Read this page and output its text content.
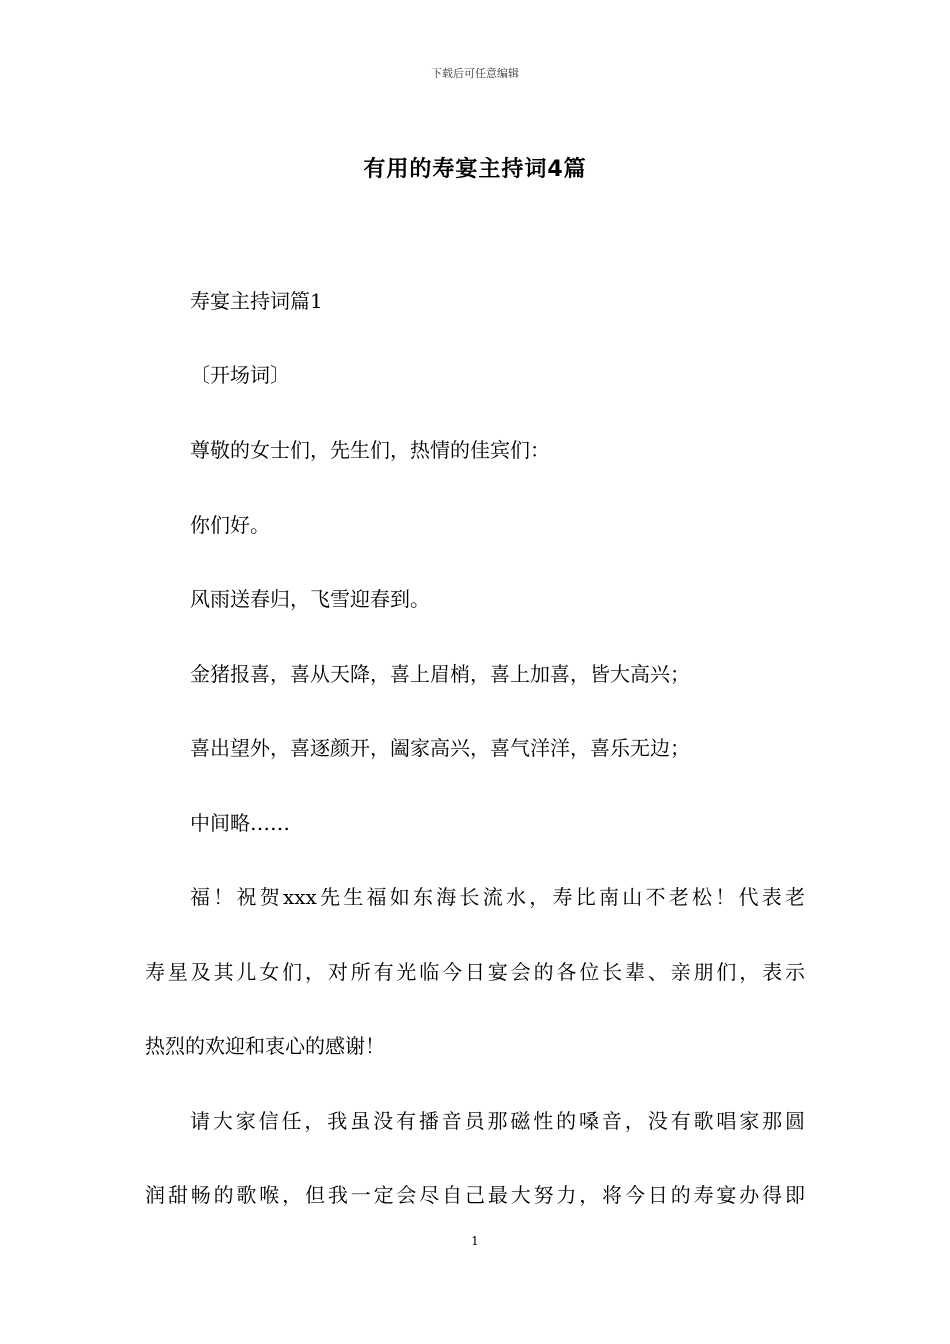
下载后可任意编辑
有用的寿宴主持词4篇
寿宴主持词篇1
〔开场词〕
尊敬的女士们，先生们，热情的佳宾们：
你们好。
风雨送春归，飞雪迎春到。
金猪报喜，喜从天降，喜上眉梢，喜上加喜，皆大高兴；
喜出望外，喜逐颜开，阖家高兴，喜气洋洋，喜乐无边；
中间略……
福！祝贺xxx先生福如东海长流水，寿比南山不老松！代表老
寿星及其儿女们，对所有光临今日宴会的各位长辈、亲朋们，表示
热烈的欢迎和衷心的感谢！
请大家信任，我虽没有播音员那磁性的嗓音，没有歌唱家那圆
润甜畅的歌喉，但我一定会尽自己最大努力，将今日的寿宴办得即
1
